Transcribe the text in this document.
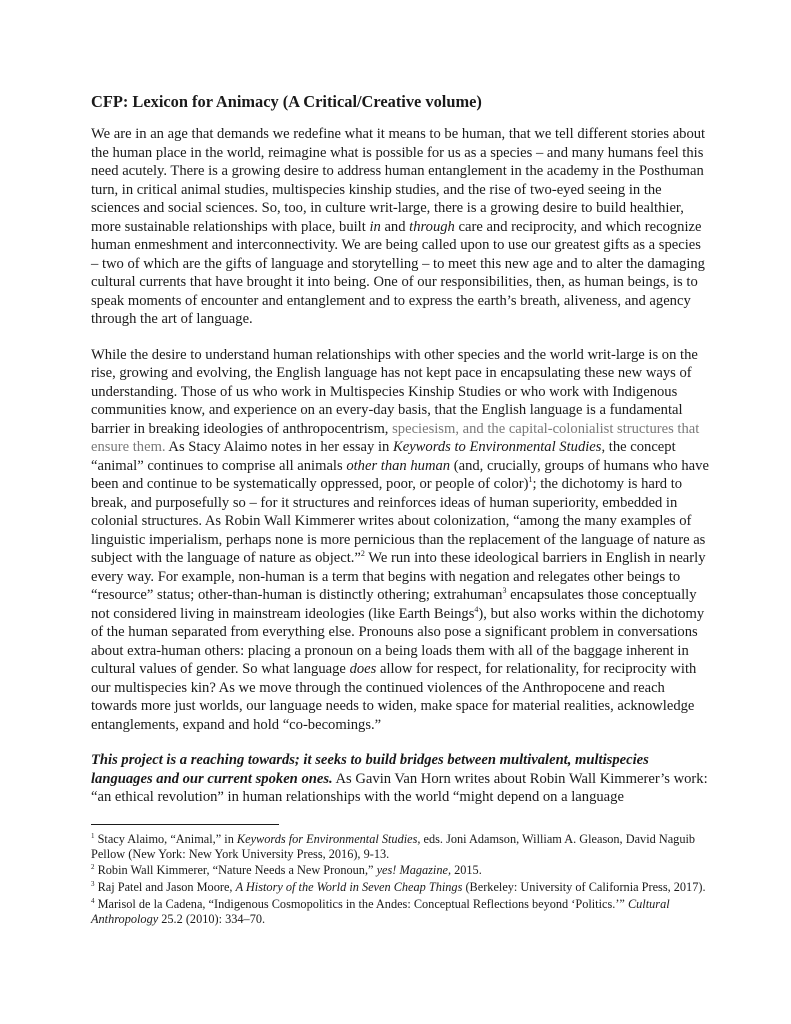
CFP: Lexicon for Animacy (A Critical/Creative volume)

We are in an age that demands we redefine what it means to be human, that we tell different stories about the human place in the world, reimagine what is possible for us as a species – and many humans feel this need acutely. There is a growing desire to address human entanglement in the academy in the Posthuman turn, in critical animal studies, multispecies kinship studies, and the rise of two-eyed seeing in the sciences and social sciences. So, too, in culture writ-large, there is a growing desire to build healthier, more sustainable relationships with place, built in and through care and reciprocity, and which recognize human enmeshment and interconnectivity. We are being called upon to use our greatest gifts as a species – two of which are the gifts of language and storytelling – to meet this new age and to alter the damaging cultural currents that have brought it into being. One of our responsibilities, then, as human beings, is to speak moments of encounter and entanglement and to express the earth’s breath, aliveness, and agency through the art of language.

While the desire to understand human relationships with other species and the world writ-large is on the rise, growing and evolving, the English language has not kept pace in encapsulating these new ways of understanding. Those of us who work in Multispecies Kinship Studies or who work with Indigenous communities know, and experience on an every-day basis, that the English language is a fundamental barrier in breaking ideologies of anthropocentrism, speciesism, and the capital-colonialist structures that ensure them. As Stacy Alaimo notes in her essay in Keywords to Environmental Studies, the concept “animal” continues to comprise all animals other than human (and, crucially, groups of humans who have been and continue to be systematically oppressed, poor, or people of color)$^1$; the dichotomy is hard to break, and purposefully so – for it structures and reinforces ideas of human superiority, embedded in colonial structures. As Robin Wall Kimmerer writes about colonization, “among the many examples of linguistic imperialism, perhaps none is more pernicious than the replacement of the language of nature as subject with the language of nature as object.”$^2$ We run into these ideological barriers in English in nearly every way. For example, non-human is a term that begins with negation and relegates other beings to “resource” status; other-than-human is distinctly othering; extrahuman$^3$ encapsulates those conceptually not considered living in mainstream ideologies (like Earth Beings$^4$), but also works within the dichotomy of the human separated from everything else. Pronouns also pose a significant problem in conversations about extra-human others: placing a pronoun on a being loads them with all of the baggage inherent in cultural values of gender. So what language does allow for respect, for relationality, for reciprocity with our multispecies kin? As we move through the continued violences of the Anthropocene and reach towards more just worlds, our language needs to widen, make space for material realities, acknowledge entanglements, expand and hold “co-becomings.”

This project is a reaching towards; it seeks to build bridges between multivalent, multispecies languages and our current spoken ones. As Gavin Van Horn writes about Robin Wall Kimmerer’s work: “an ethical revolution” in human relationships with the world “might depend on a language

$^1$ Stacy Alaimo, “Animal,” in Keywords for Environmental Studies, eds. Joni Adamson, William A. Gleason, David Naguib Pellow (New York: New York University Press, 2016), 9-13.
$^2$ Robin Wall Kimmerer, “Nature Needs a New Pronoun,” yes! Magazine, 2015.
$^3$ Raj Patel and Jason Moore, A History of the World in Seven Cheap Things (Berkeley: University of California Press, 2017).
$^4$ Marisol de la Cadena, “Indigenous Cosmopolitics in the Andes: Conceptual Reflections beyond ‘Politics.’” Cultural Anthropology 25.2 (2010): 334–70.
